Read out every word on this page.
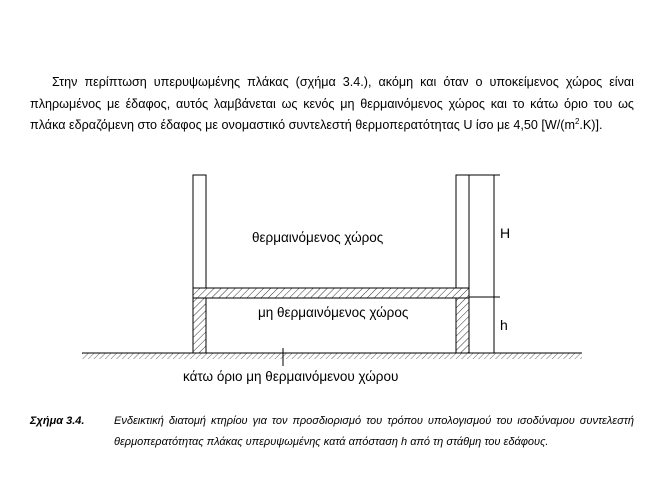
Στην περίπτωση υπερυψωμένης πλάκας (σχήμα 3.4.), ακόμη και όταν ο υποκείμενος χώρος είναι πληρωμένος με έδαφος, αυτός λαμβάνεται ως κενός μη θερμαινόμενος χώρος και το κάτω όριο του ως πλάκα εδραζόμενη στο έδαφος με ονομαστικό συντελεστή θερμοπερατότητας U ίσο με 4,50 $[W/(m^2.K)]$.

θερμαινόμενος χώρος
μη θερμαινόμενος χώρος
H
h
κάτω όριο μη θερμαινόμενου χώρου
Σχήμα 3.4.	Ενδεικτική διατομή κτηρίου για τον προσδιορισμό του τρόπου υπολογισμού του ισοδύναμου συντελεστή θερμοπερατότητας πλάκας υπερυψωμένης κατά απόσταση h από τη στάθμη του εδάφους.
